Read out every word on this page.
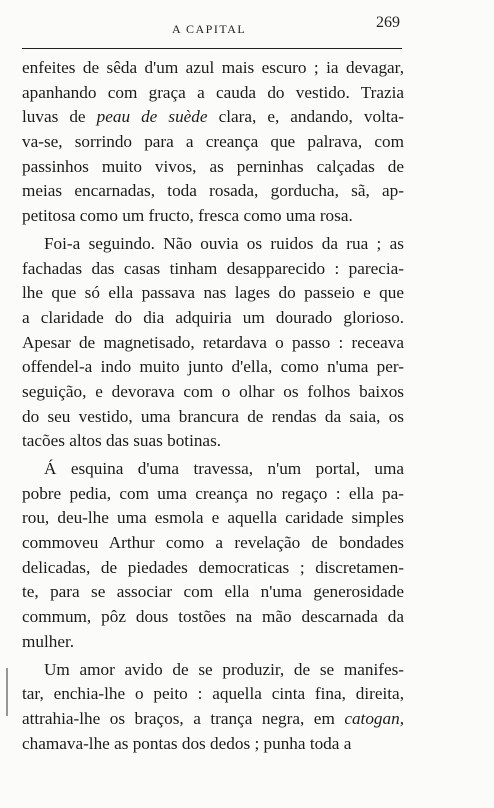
A CAPITAL	269
enfeites de sêda d'um azul mais escuro ; ia devagar,
apanhando com graça a cauda do vestido. Trazia
luvas de peau de suède clara, e, andando, volta-
va-se, sorrindo para a creança que palrava, com
passinhos muito vivos, as perninhas calçadas de
meias encarnadas, toda rosada, gorducha, sã, ap-
petitosa como um fructo, fresca como uma rosa.
Foi-a seguindo. Não ouvia os ruidos da rua ; as
fachadas das casas tinham desapparecido : parecia-
lhe que só ella passava nas lages do passeio e que
a claridade do dia adquiria um dourado glorioso.
Apesar de magnetisado, retardava o passo : receava
offendel-a indo muito junto d'ella, como n'uma per-
seguição, e devorava com o olhar os folhos baixos
do seu vestido, uma brancura de rendas da saia, os
tacões altos das suas botinas.
Á esquina d'uma travessa, n'um portal, uma
pobre pedia, com uma creança no regaço : ella pa-
rou, deu-lhe uma esmola e aquella caridade simples
commoveu Arthur como a revelação de bondades
delicadas, de piedades democraticas ; discretamen-
te, para se associar com ella n'uma generosidade
commum, pôz dous tostões na mão descarnada da
mulher.
Um amor avido de se produzir, de se manifes-
tar, enchia-lhe o peito : aquella cinta fina, direita,
attrahia-lhe os braços, a trança negra, em catogan,
chamava-lhe as pontas dos dedos ; punha toda a
